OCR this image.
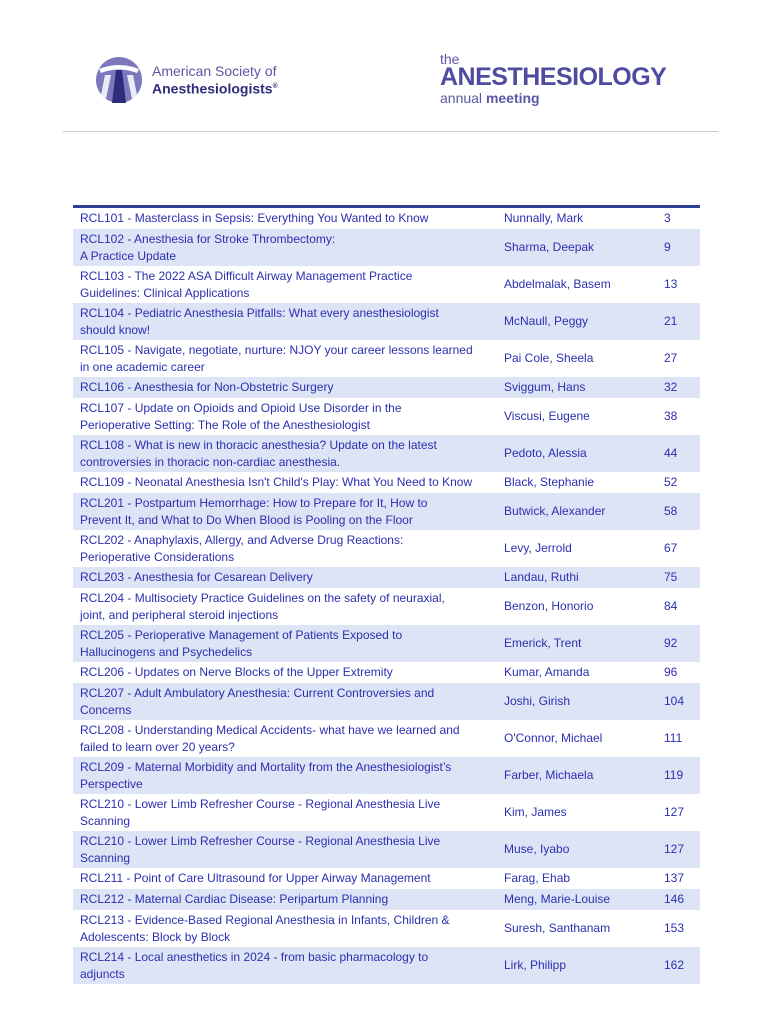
American Society of
Anesthesiologists®
the
ANESTHESIOLOGY
annual meeting
RCL101 - Masterclass in Sepsis: Everything You Wanted to Know	Nunnally, Mark	3

RCL102 - Anesthesia for Stroke Thrombectomy:
A Practice Update	Sharma, Deepak	9

RCL103 - The 2022 ASA Difficult Airway Management Practice
Guidelines: Clinical Applications	Abdelmalak, Basem	13

RCL104 - Pediatric Anesthesia Pitfalls: What every anesthesiologist
should know!	McNaull, Peggy	21

RCL105 - Navigate, negotiate, nurture: NJOY your career lessons learned
in one academic career	Pai Cole, Sheela	27

RCL106 - Anesthesia for Non-Obstetric Surgery	Sviggum, Hans	32

RCL107 - Update on Opioids and Opioid Use Disorder in the
Perioperative Setting: The Role of the Anesthesiologist	Viscusi, Eugene	38

RCL108 - What is new in thoracic anesthesia? Update on the latest
controversies in thoracic non-cardiac anesthesia.	Pedoto, Alessia	44

RCL109 - Neonatal Anesthesia Isn't Child's Play: What You Need to Know	Black, Stephanie	52

RCL201 - Postpartum Hemorrhage: How to Prepare for It, How to
Prevent It, and What to Do When Blood is Pooling on the Floor	Butwick, Alexander	58

RCL202 - Anaphylaxis, Allergy, and Adverse Drug Reactions:
Perioperative Considerations	Levy, Jerrold	67

RCL203 - Anesthesia for Cesarean Delivery	Landau, Ruthi	75

RCL204 - Multisociety Practice Guidelines on the safety of neuraxial,
joint, and peripheral steroid injections	Benzon, Honorio	84

RCL205 - Perioperative Management of Patients Exposed to
Hallucinogens and Psychedelics	Emerick, Trent	92

RCL206 - Updates on Nerve Blocks of the Upper Extremity	Kumar, Amanda	96

RCL207 - Adult Ambulatory Anesthesia: Current Controversies and
Concerns	Joshi, Girish	104

RCL208 - Understanding Medical Accidents- what have we learned and
failed to learn over 20 years?	O'Connor, Michael	111

RCL209 - Maternal Morbidity and Mortality from the Anesthesiologist’s
Perspective	Farber, Michaela	119

RCL210 - Lower Limb Refresher Course - Regional Anesthesia Live
Scanning	Kim, James	127

RCL210 - Lower Limb Refresher Course - Regional Anesthesia Live
Scanning	Muse, Iyabo	127

RCL211 - Point of Care Ultrasound for Upper Airway Management	Farag, Ehab	137

RCL212 - Maternal Cardiac Disease: Peripartum Planning	Meng, Marie-Louise	146

RCL213 - Evidence-Based Regional Anesthesia in Infants, Children &
Adolescents: Block by Block	Suresh, Santhanam	153

RCL214 - Local anesthetics in 2024 - from basic pharmacology to
adjuncts	Lirk, Philipp	162
